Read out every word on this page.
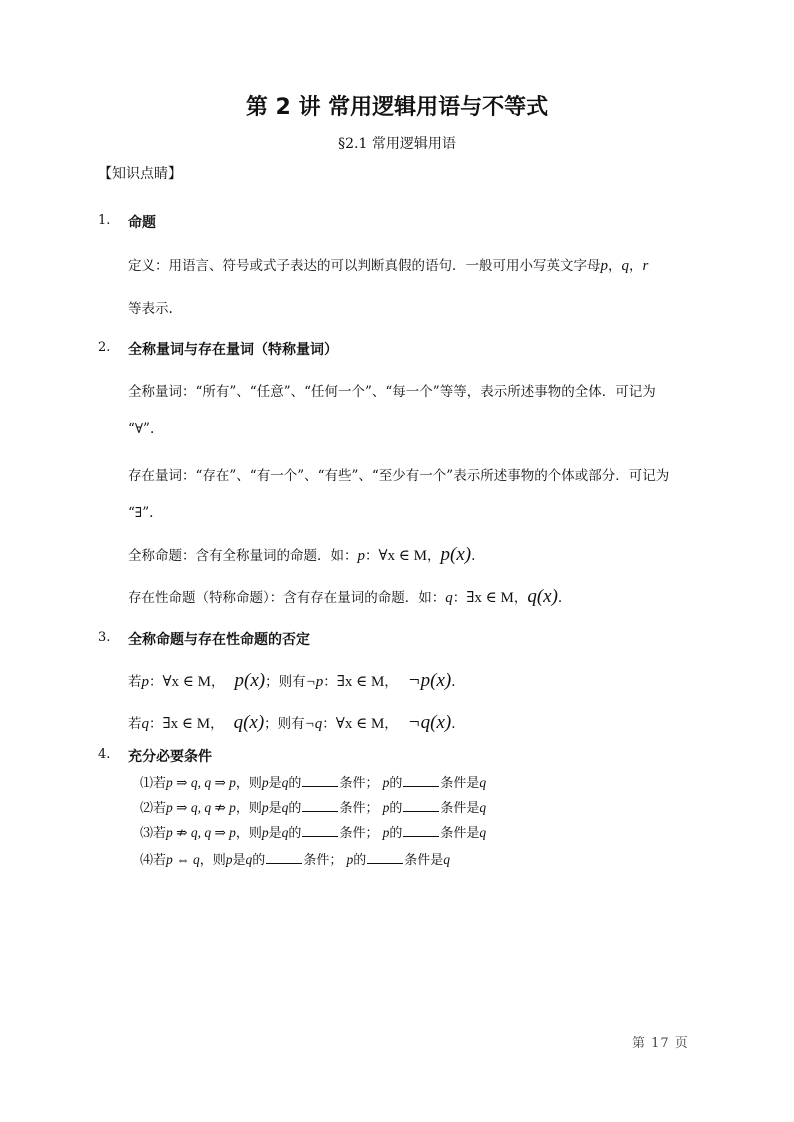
第 2 讲 常用逻辑用语与不等式
§2.1 常用逻辑用语
【知识点睛】
1. 命题
定义：用语言、符号或式子表达的可以判断真假的语句．一般可用小写英文字母p，q，r
等表示.
2. 全称量词与存在量词（特称量词）
全称量词：“所有”、“任意”、“任何一个”、“每一个”等等，表示所述事物的全体．可记为
“∀”.
存在量词：“存在”、“有一个”、“有些”、“至少有一个”表示所述事物的个体或部分．可记为
“∃”.
全称命题：含有全称量词的命题．如：p：∀x ∈ M，p(x).
存在性命题（特称命题）：含有存在量词的命题．如：q：∃x ∈ M，q(x).
3. 全称命题与存在性命题的否定
若p：∀x ∈ M， p(x)；则有¬p：∃x ∈ M， ¬p(x).
若q：∃x ∈ M， q(x)；则有¬q：∀x ∈ M， ¬q(x).
4. 充分必要条件
⑴若p ⇒ q, q ⇒ p，则p是q的	条件； p的	条件是q
⑵若p ⇒ q, q ⇏ p，则p是q的	条件； p的	条件是q
⑶若p ⇏ q, q ⇒ p，则p是q的	条件； p的	条件是q
⑷若p ⇔ q，则p是q的	条件； p的	条件是q
第 17 页
